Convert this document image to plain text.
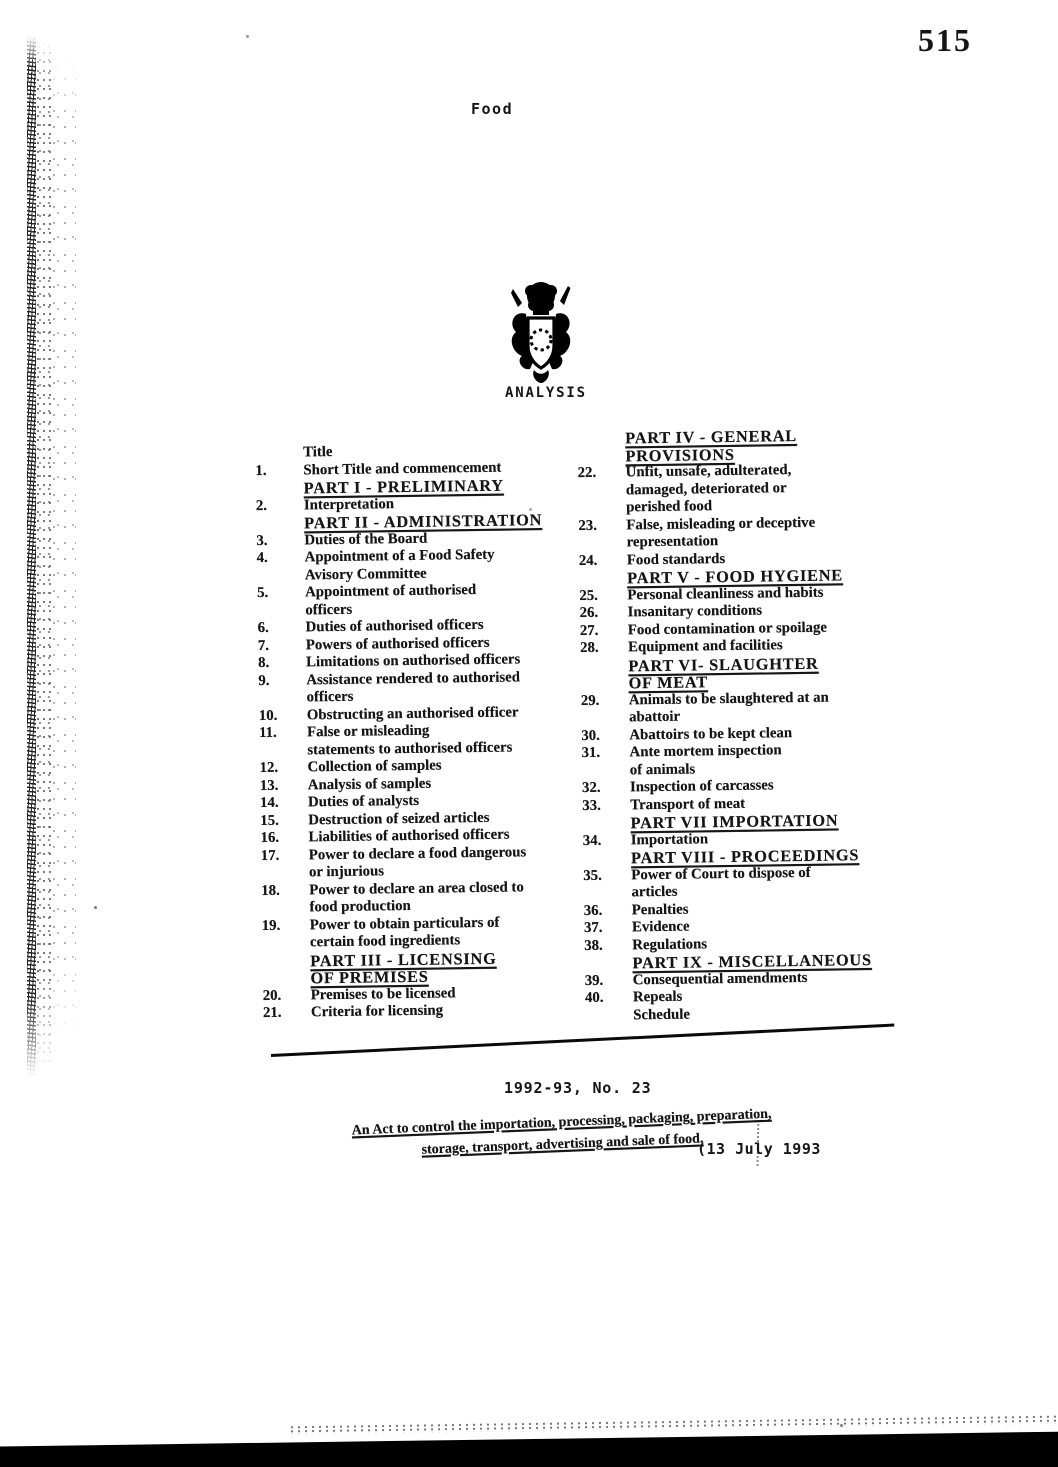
515
Food
ANALYSIS
Title
1. Short Title and commencement
PART I - PRELIMINARY
2. Interpretation
PART II - ADMINISTRATION
3. Duties of the Board
4. Appointment of a Food Safety
Avisory Committee
5. Appointment of authorised
officers
6. Duties of authorised officers
7. Powers of authorised officers
8. Limitations on authorised officers
9. Assistance rendered to authorised
officers
10. Obstructing an authorised officer
11. False or misleading
statements to authorised officers
12. Collection of samples
13. Analysis of samples
14. Duties of analysts
15. Destruction of seized articles
16. Liabilities of authorised officers
17. Power to declare a food dangerous
or injurious
18. Power to declare an area closed to
food production
19. Power to obtain particulars of
certain food ingredients
PART III - LICENSING
OF PREMISES
20. Premises to be licensed
21. Criteria for licensing
PART IV - GENERAL
PROVISIONS
22. Unfit, unsafe, adulterated,
damaged, deteriorated or
perished food
23. False, misleading or deceptive
representation
24. Food standards
PART V - FOOD HYGIENE
25. Personal cleanliness and habits
26. Insanitary conditions
27. Food contamination or spoilage
28. Equipment and facilities
PART VI- SLAUGHTER
OF MEAT
29. Animals to be slaughtered at an
abattoir
30. Abattoirs to be kept clean
31. Ante mortem inspection
of animals
32. Inspection of carcasses
33. Transport of meat
PART VII IMPORTATION
34. Importation
PART VIII - PROCEEDINGS
35. Power of Court to dispose of
articles
36. Penalties
37. Evidence
38. Regulations
PART IX - MISCELLANEOUS
39. Consequential amendments
40. Repeals
Schedule
1992-93, No. 23
An Act to control the importation, processing, packaging, preparation,
storage, transport, advertising and sale of food.
(13 July 1993
